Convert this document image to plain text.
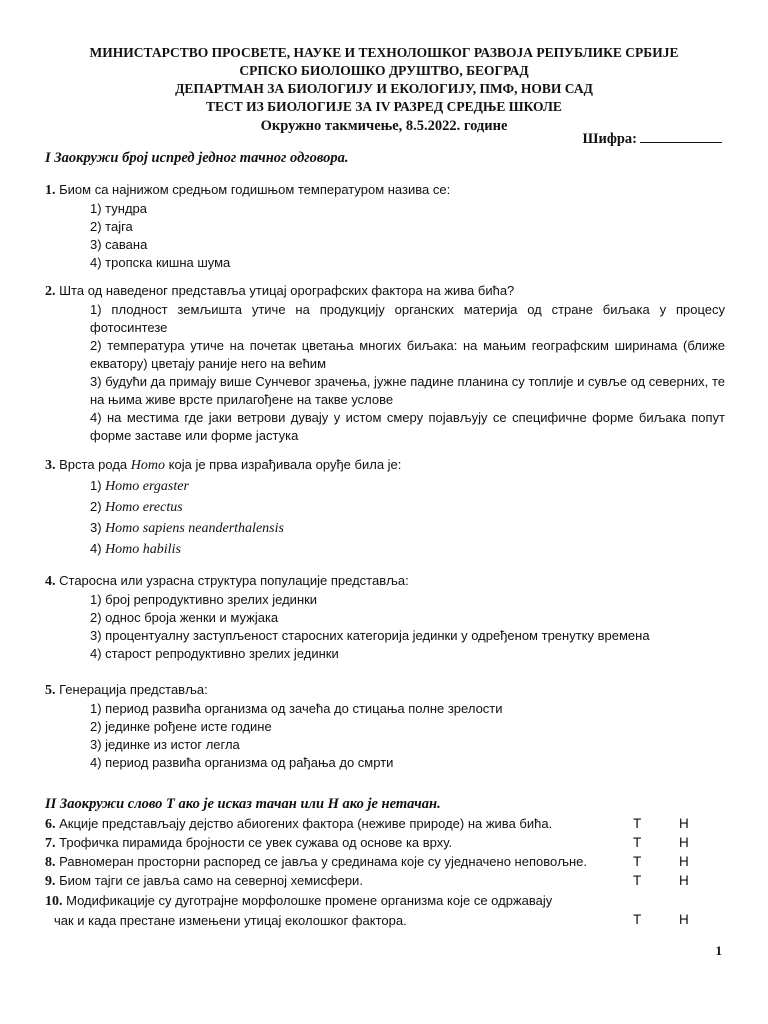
МИНИСТАРСТВО ПРОСВЕТЕ, НАУКЕ И ТЕХНОЛОШКОГ РАЗВОЈА РЕПУБЛИКЕ СРБИЈЕ
СРПСКО БИОЛОШКО ДРУШТВО, БЕОГРАД
ДЕПАРТМАН ЗА БИОЛОГИЈУ И ЕКОЛОГИЈУ, ПМФ, НОВИ САД
ТЕСТ ИЗ БИОЛОГИЈЕ ЗА IV РАЗРЕД СРЕДЊЕ ШКОЛЕ
Окружно такмичење, 8.5.2022. године
Шифра:
I Заокружи број испред једног тачног одговора.
1. Биом са најнижом средњом годишњом температуром назива се:
1) тундра
2) тајга
3) савана
4) тропска кишна шума
2. Шта од наведеног представља утицај орографских фактора на жива бића?
1) плодност земљишта утиче на продукцију органских материја од стране биљака у процесу фотосинтезе
2) температура утиче на почетак цветања многих биљака: на мањим географским ширинама (ближе екватору) цветају раније него на већим
3) будући да примају више Сунчевог зрачења, јужне падине планина су топлије и сувље од северних, те на њима живе врсте прилагођене на такве услове
4) на местима где јаки ветрови дувају у истом смеру појављују се специфичне форме биљака попут форме заставе или форме јастука
3. Врста рода Homo која је прва израђивала оруђе била је:
1) Homo ergaster
2) Homo erectus
3) Homo sapiens neanderthalensis
4) Homo habilis
4. Старосна или узрасна структура популације представља:
1) број репродуктивно зрелих јединки
2) однос броја женки и мужјака
3) процентуалну заступљеност старосних категорија јединки у одређеном тренутку времена
4) старост репродуктивно зрелих јединки
5. Генерација представља:
1) период развића организма од зачећа до стицања полне зрелости
2) јединке рођене исте године
3) јединке из истог легла
4) период развића организма од рађања до смрти
II Заокружи слово Т ако је исказ тачан или Н ако је нетачан.
6. Акције представљају дејство абиогених фактора (неживе природе) на жива бића.	Т	Н
7. Трофичка пирамида бројности се увек сужава од основе ка врху.	Т	Н
8. Равномеран просторни распоред се јавља у срединама које су уједначено неповољне.	Т	Н
9. Биом тајги се јавља само на северној хемисфери.	Т	Н
10. Модификације су дуготрајне морфолошке промене организма које се одржавају
чак и када престане измењени утицај еколошког фактора.	Т	Н
1
